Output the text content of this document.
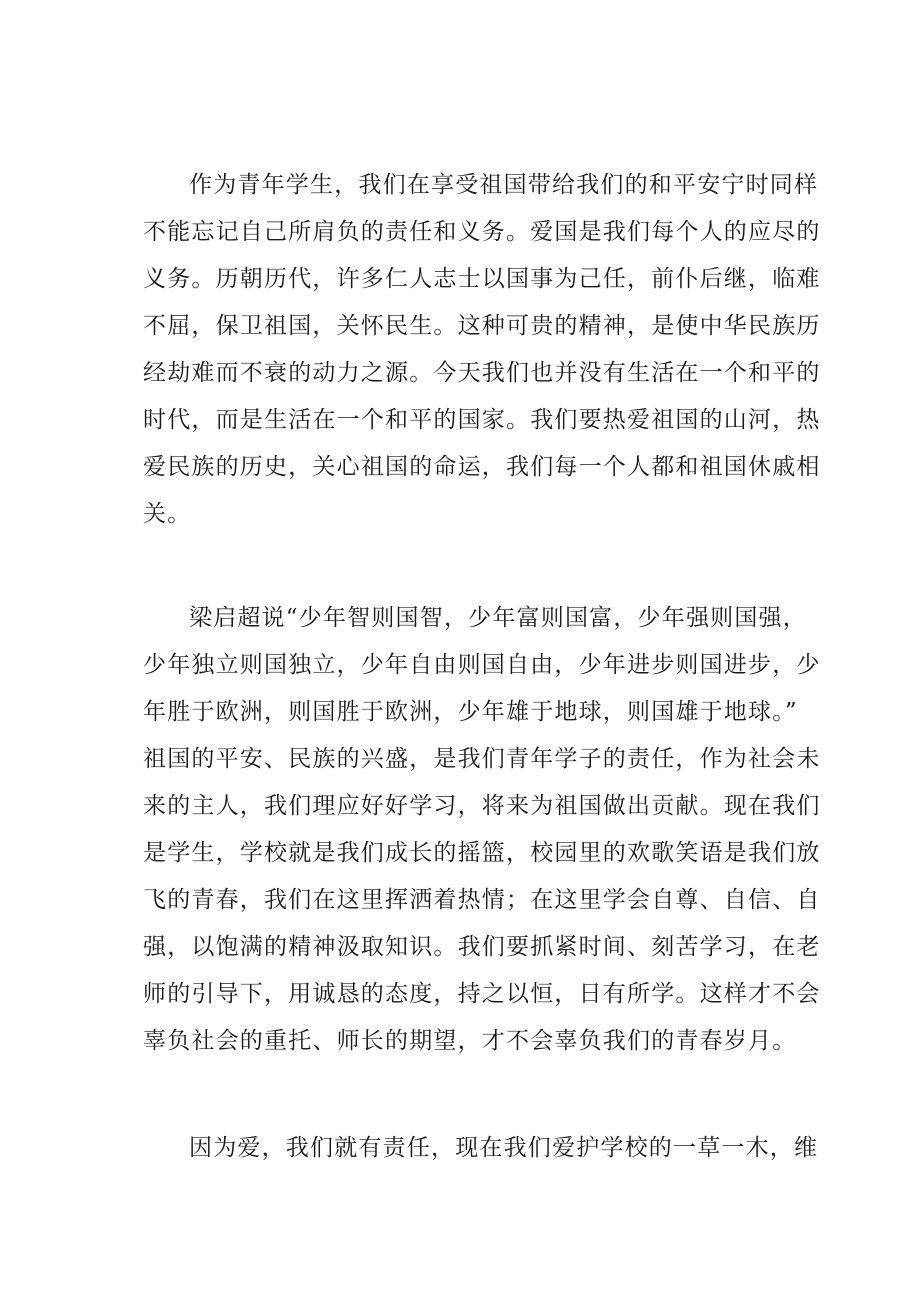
作为青年学生，我们在享受祖国带给我们的和平安宁时同样
不能忘记自己所肩负的责任和义务。爱国是我们每个人的应尽的
义务。历朝历代，许多仁人志士以国事为己任，前仆后继，临难
不屈，保卫祖国，关怀民生。这种可贵的精神，是使中华民族历
经劫难而不衰的动力之源。今天我们也并没有生活在一个和平的
时代，而是生活在一个和平的国家。我们要热爱祖国的山河，热
爱民族的历史，关心祖国的命运，我们每一个人都和祖国休戚相
关。
梁启超说“少年智则国智，少年富则国富，少年强则国强，
少年独立则国独立，少年自由则国自由，少年进步则国进步，少
年胜于欧洲，则国胜于欧洲，少年雄于地球，则国雄于地球。”
祖国的平安、民族的兴盛，是我们青年学子的责任，作为社会未
来的主人，我们理应好好学习，将来为祖国做出贡献。现在我们
是学生，学校就是我们成长的摇篮，校园里的欢歌笑语是我们放
飞的青春，我们在这里挥洒着热情；在这里学会自尊、自信、自
强，以饱满的精神汲取知识。我们要抓紧时间、刻苦学习，在老
师的引导下，用诚恳的态度，持之以恒，日有所学。这样才不会
辜负社会的重托、师长的期望，才不会辜负我们的青春岁月。
因为爱，我们就有责任，现在我们爱护学校的一草一木，维
